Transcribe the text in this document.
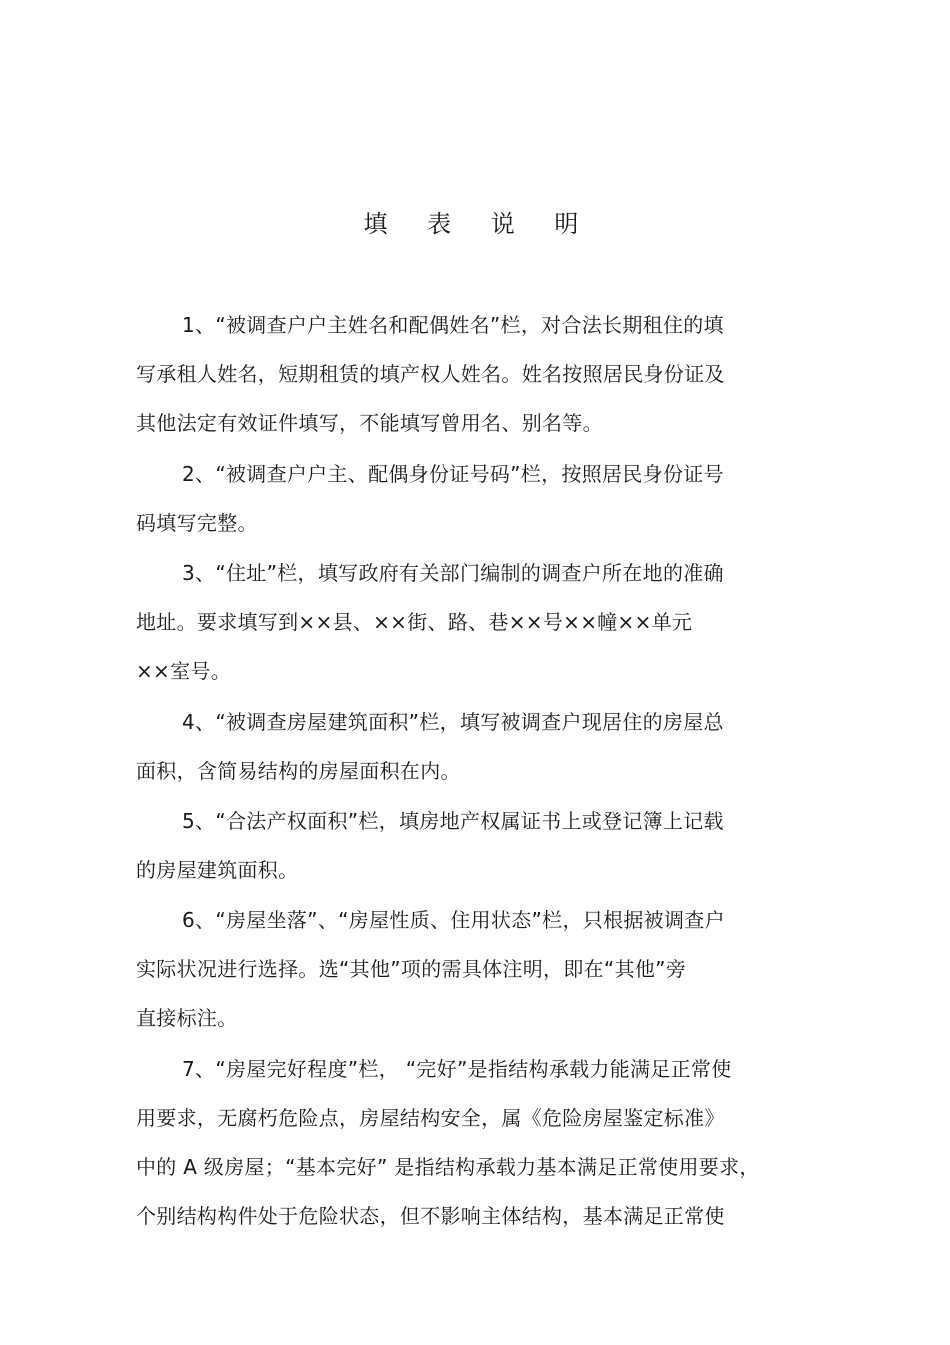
填 表 说 明
1、“被调查户户主姓名和配偶姓名”栏，对合法长期租住的填
写承租人姓名，短期租赁的填产权人姓名。姓名按照居民身份证及
其他法定有效证件填写，不能填写曾用名、别名等。
2、“被调查户户主、配偶身份证号码”栏，按照居民身份证号
码填写完整。
3、“住址”栏，填写政府有关部门编制的调查户所在地的准确
地址。要求填写到××县、××街、路、巷××号××幢××单元
××室号。
4、“被调查房屋建筑面积”栏，填写被调查户现居住的房屋总
面积，含简易结构的房屋面积在内。
5、“合法产权面积”栏，填房地产权属证书上或登记簿上记载
的房屋建筑面积。
6、“房屋坐落”、“房屋性质、住用状态”栏，只根据被调查户
实际状况进行选择。选“其他”项的需具体注明，即在“其他”旁
直接标注。
7、“房屋完好程度”栏， “完好”是指结构承载力能满足正常使
用要求，无腐朽危险点，房屋结构安全，属《危险房屋鉴定标准》
中的 A 级房屋；“基本完好” 是指结构承载力基本满足正常使用要求，
个别结构构件处于危险状态，但不影响主体结构，基本满足正常使
